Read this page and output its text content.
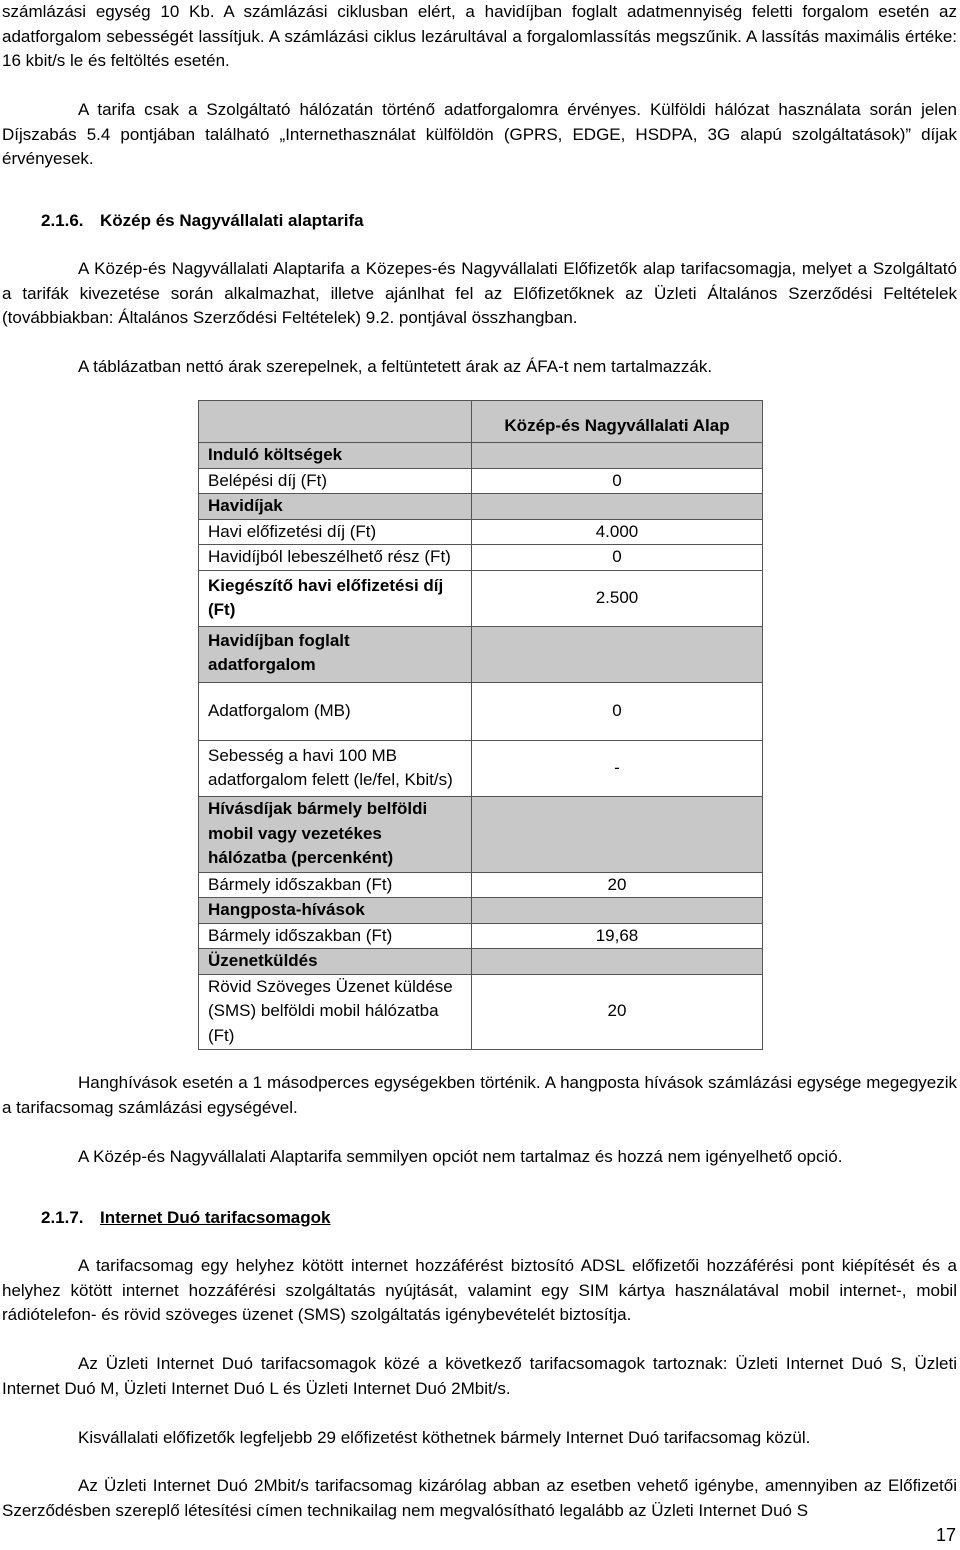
számlázási egység 10 Kb. A számlázási ciklusban elért, a havidíjban foglalt adatmennyiség feletti forgalom esetén az adatforgalom sebességét lassítjuk. A számlázási ciklus lezárultával a forgalomlassítás megszűnik. A lassítás maximális értéke: 16 kbit/s le és feltöltés esetén.

A tarifa csak a Szolgáltató hálózatán történő adatforgalomra érvényes. Külföldi hálózat használata során jelen Díjszabás 5.4 pontjában található „Internethasználat külföldön (GPRS, EDGE, HSDPA, 3G alapú szolgáltatások)” díjak érvényesek.

2.1.6. Közép és Nagyvállalati alaptarifa

A Közép-és Nagyvállalati Alaptarifa a Közepes-és Nagyvállalati Előfizetők alap tarifacsomagja, melyet a Szolgáltató a tarifák kivezetése során alkalmazhat, illetve ajánlhat fel az Előfizetőknek az Üzleti Általános Szerződési Feltételek (továbbiakban: Általános Szerződési Feltételek) 9.2. pontjával összhangban.

A táblázatban nettó árak szerepelnek, a feltüntetett árak az ÁFA-t nem tartalmazzák.

	Közép-és Nagyvállalati Alap
Induló költségek	
Belépési díj (Ft)	0
Havidíjak	
Havi előfizetési díj (Ft)	4.000
Havidíjból lebeszélhető rész (Ft)	0
Kiegészítő havi előfizetési díj (Ft)	2.500
Havidíjban foglalt adatforgalom	
Adatforgalom (MB)	0
Sebesség a havi 100 MB adatforgalom felett (le/fel, Kbit/s)	-
Hívásdíjak bármely belföldi mobil vagy vezetékes hálózatba (percenként)	
Bármely időszakban (Ft)	20
Hangposta-hívások	
Bármely időszakban (Ft)	19,68
Üzenetküldés	
Rövid Szöveges Üzenet küldése (SMS) belföldi mobil hálózatba (Ft)	20

Hanghívások esetén a 1 másodperces egységekben történik. A hangposta hívások számlázási egysége megegyezik a tarifacsomag számlázási egységével.

A Közép-és Nagyvállalati Alaptarifa semmilyen opciót nem tartalmaz és hozzá nem igényelhető opció.

2.1.7. Internet Duó tarifacsomagok

A tarifacsomag egy helyhez kötött internet hozzáférést biztosító ADSL előfizetői hozzáférési pont kiépítését és a helyhez kötött internet hozzáférési szolgáltatás nyújtását, valamint egy SIM kártya használatával mobil internet-, mobil rádiótelefon- és rövid szöveges üzenet (SMS) szolgáltatás igénybevételét biztosítja.

Az Üzleti Internet Duó tarifacsomagok közé a következő tarifacsomagok tartoznak: Üzleti Internet Duó S, Üzleti Internet Duó M, Üzleti Internet Duó L és Üzleti Internet Duó 2Mbit/s.

Kisvállalati előfizetők legfeljebb 29 előfizetést köthetnek bármely Internet Duó tarifacsomag közül.

Az Üzleti Internet Duó 2Mbit/s tarifacsomag kizárólag abban az esetben vehető igénybe, amennyiben az Előfizetői Szerződésben szereplő létesítési címen technikailag nem megvalósítható legalább az Üzleti Internet Duó S

17
